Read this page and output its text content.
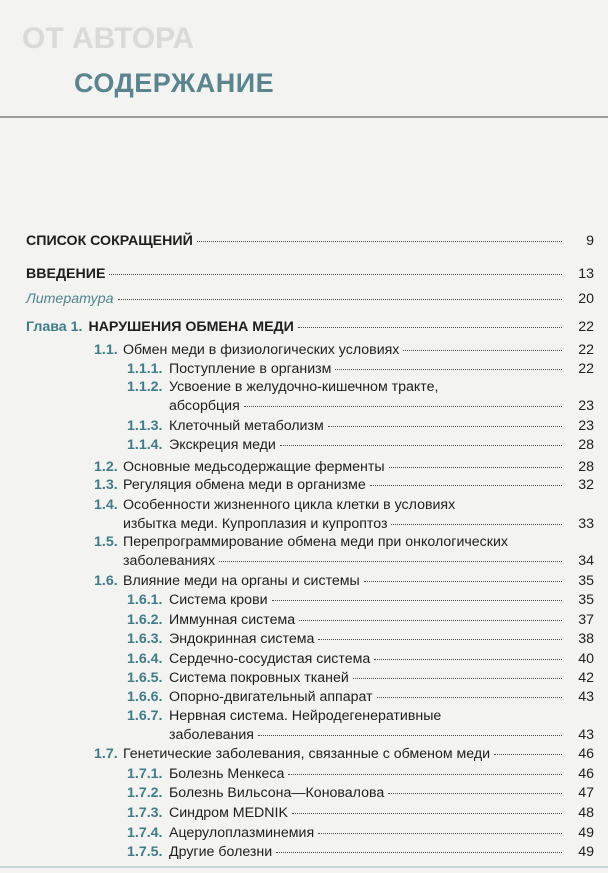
ОТ АВТОРА
СОДЕРЖАНИЕ
СПИСОК СОКРАЩЕНИЙ	9
ВВЕДЕНИЕ	13
Литература	20
Глава 1. НАРУШЕНИЯ ОБМЕНА МЕДИ	22
1.1. Обмен меди в физиологических условиях	22
1.1.1. Поступление в организм	22
1.1.2. Усвоение в желудочно-кишечном тракте,
абсорбция	23
1.1.3. Клеточный метаболизм	23
1.1.4. Экскреция меди	28
1.2. Основные медьсодержащие ферменты	28
1.3. Регуляция обмена меди в организме	32
1.4. Особенности жизненного цикла клетки в условиях
избытка меди. Купроплазия и купроптоз	33
1.5. Перепрограммирование обмена меди при онкологических
заболеваниях	34
1.6. Влияние меди на органы и системы	35
1.6.1. Система крови	35
1.6.2. Иммунная система	37
1.6.3. Эндокринная система	38
1.6.4. Сердечно-сосудистая система	40
1.6.5. Система покровных тканей	42
1.6.6. Опорно-двигательный аппарат	43
1.6.7. Нервная система. Нейродегенеративные
заболевания	43
1.7. Генетические заболевания, связанные с обменом меди	46
1.7.1. Болезнь Менкеса	46
1.7.2. Болезнь Вильсона—Коновалова	47
1.7.3. Синдром MEDNIK	48
1.7.4. Ацерулоплазминемия	49
1.7.5. Другие болезни	49
